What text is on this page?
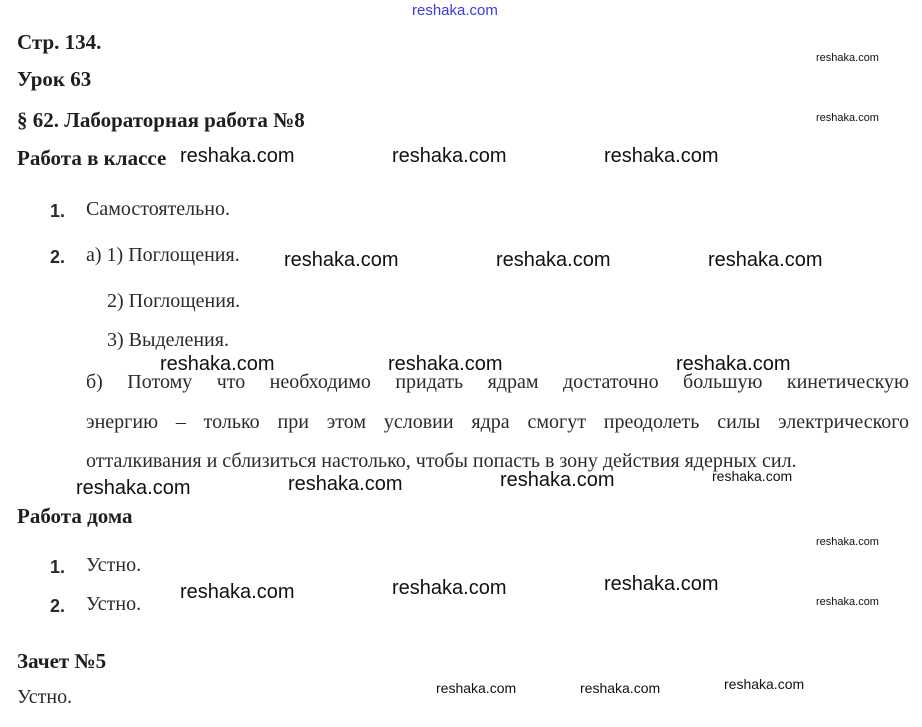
reshaka.com
Стр. 134.
Урок 63
§ 62. Лабораторная работа №8
Работа в классе
1. Самостоятельно.
2. а) 1) Поглощения.
2) Поглощения.
3) Выделения.
б) Потому что необходимо придать ядрам достаточно большую кинетическую
энергию – только при этом условии ядра смогут преодолеть силы электрического
отталкивания и сблизиться настолько, чтобы попасть в зону действия ядерных сил.
Работа дома
1. Устно.
2. Устно.
Зачет №5
Устно.
reshaka.com	reshaka.com	reshaka.com
reshaka.com	reshaka.com	reshaka.com
reshaka.com	reshaka.com	reshaka.com
reshaka.com	reshaka.com	reshaka.com
reshaka.com	reshaka.com	reshaka.com
reshaka.com
reshaka.com
reshaka.com
reshaka.com
reshaka.com
reshaka.com	reshaka.com	reshaka.com
